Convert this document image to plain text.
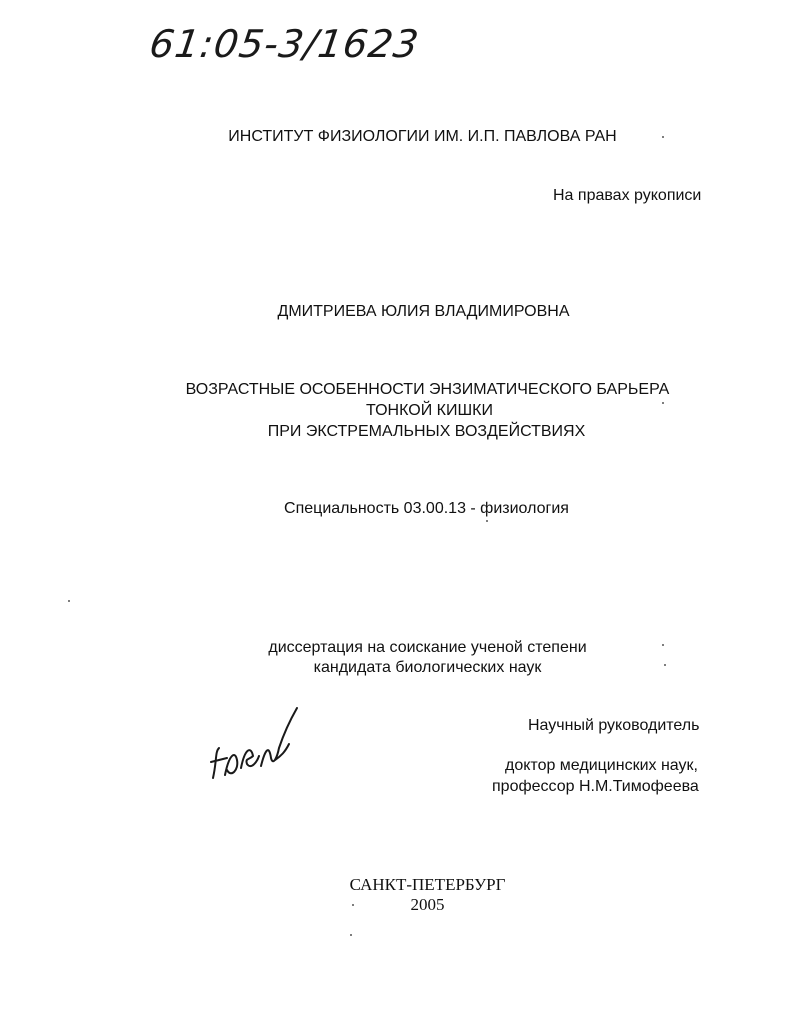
61:05-3/1623
ИНСТИТУТ ФИЗИОЛОГИИ ИМ. И.П. ПАВЛОВА РАН
На правах рукописи
ДМИТРИЕВА ЮЛИЯ ВЛАДИМИРОВНА
ВОЗРАСТНЫЕ ОСОБЕННОСТИ ЭНЗИМАТИЧЕСКОГО БАРЬЕРА
ТОНКОЙ КИШКИ
ПРИ ЭКСТРЕМАЛЬНЫХ ВОЗДЕЙСТВИЯХ
Специальность 03.00.13 - физиология
диссертация на соискание ученой степени
кандидата биологических наук
Научный руководитель
доктор медицинских наук,
профессор Н.М.Тимофеева
САНКТ-ПЕТЕРБУРГ
2005
